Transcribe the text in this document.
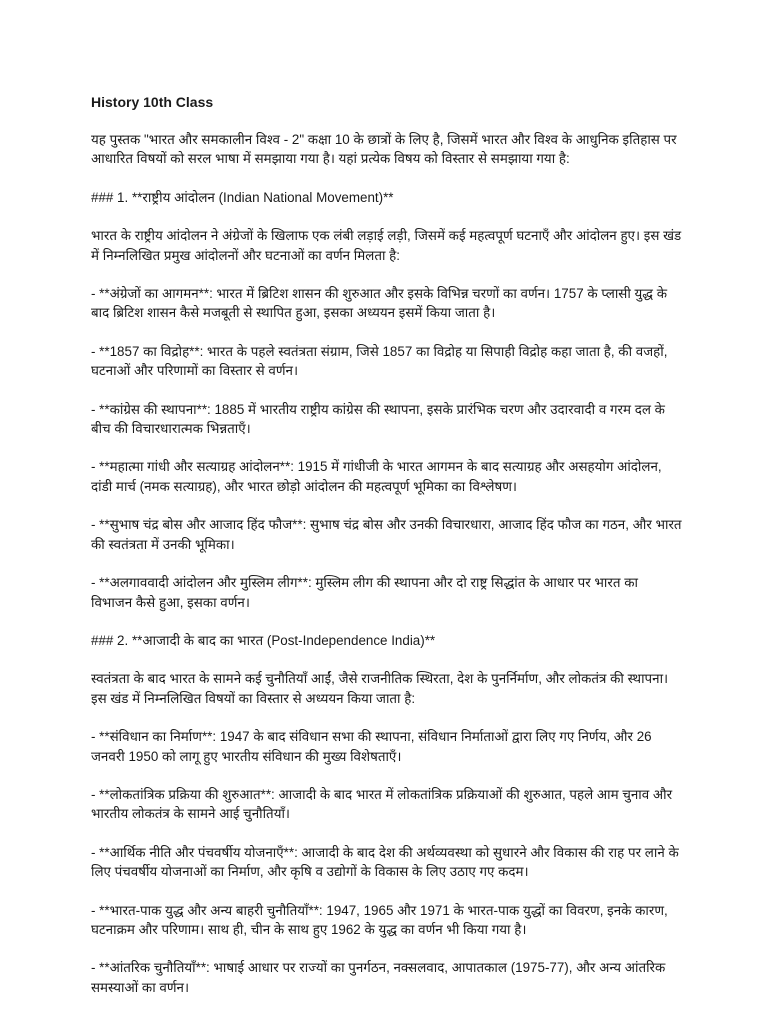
History 10th Class
यह पुस्तक "भारत और समकालीन विश्व - 2" कक्षा 10 के छात्रों के लिए है, जिसमें भारत और विश्व के आधुनिक इतिहास पर आधारित विषयों को सरल भाषा में समझाया गया है। यहां प्रत्येक विषय को विस्तार से समझाया गया है:
### 1. **राष्ट्रीय आंदोलन (Indian National Movement)**
भारत के राष्ट्रीय आंदोलन ने अंग्रेजों के खिलाफ एक लंबी लड़ाई लड़ी, जिसमें कई महत्वपूर्ण घटनाएँ और आंदोलन हुए। इस खंड में निम्नलिखित प्रमुख आंदोलनों और घटनाओं का वर्णन मिलता है:
- **अंग्रेजों का आगमन**: भारत में ब्रिटिश शासन की शुरुआत और इसके विभिन्न चरणों का वर्णन। 1757 के प्लासी युद्ध के बाद ब्रिटिश शासन कैसे मजबूती से स्थापित हुआ, इसका अध्ययन इसमें किया जाता है।
- **1857 का विद्रोह**: भारत के पहले स्वतंत्रता संग्राम, जिसे 1857 का विद्रोह या सिपाही विद्रोह कहा जाता है, की वजहों, घटनाओं और परिणामों का विस्तार से वर्णन।
- **कांग्रेस की स्थापना**: 1885 में भारतीय राष्ट्रीय कांग्रेस की स्थापना, इसके प्रारंभिक चरण और उदारवादी व गरम दल के बीच की विचारधारात्मक भिन्नताएँ।
- **महात्मा गांधी और सत्याग्रह आंदोलन**: 1915 में गांधीजी के भारत आगमन के बाद सत्याग्रह और असहयोग आंदोलन, दांडी मार्च (नमक सत्याग्रह), और भारत छोड़ो आंदोलन की महत्वपूर्ण भूमिका का विश्लेषण।
- **सुभाष चंद्र बोस और आजाद हिंद फौज**: सुभाष चंद्र बोस और उनकी विचारधारा, आजाद हिंद फौज का गठन, और भारत की स्वतंत्रता में उनकी भूमिका।
- **अलगाववादी आंदोलन और मुस्लिम लीग**: मुस्लिम लीग की स्थापना और दो राष्ट्र सिद्धांत के आधार पर भारत का विभाजन कैसे हुआ, इसका वर्णन।
### 2. **आजादी के बाद का भारत (Post-Independence India)**
स्वतंत्रता के बाद भारत के सामने कई चुनौतियाँ आईं, जैसे राजनीतिक स्थिरता, देश के पुनर्निर्माण, और लोकतंत्र की स्थापना। इस खंड में निम्नलिखित विषयों का विस्तार से अध्ययन किया जाता है:
- **संविधान का निर्माण**: 1947 के बाद संविधान सभा की स्थापना, संविधान निर्माताओं द्वारा लिए गए निर्णय, और 26 जनवरी 1950 को लागू हुए भारतीय संविधान की मुख्य विशेषताएँ।
- **लोकतांत्रिक प्रक्रिया की शुरुआत**: आजादी के बाद भारत में लोकतांत्रिक प्रक्रियाओं की शुरुआत, पहले आम चुनाव और भारतीय लोकतंत्र के सामने आई चुनौतियाँ।
- **आर्थिक नीति और पंचवर्षीय योजनाएँ**: आजादी के बाद देश की अर्थव्यवस्था को सुधारने और विकास की राह पर लाने के लिए पंचवर्षीय योजनाओं का निर्माण, और कृषि व उद्योगों के विकास के लिए उठाए गए कदम।
- **भारत-पाक युद्ध और अन्य बाहरी चुनौतियाँ**: 1947, 1965 और 1971 के भारत-पाक युद्धों का विवरण, इनके कारण, घटनाक्रम और परिणाम। साथ ही, चीन के साथ हुए 1962 के युद्ध का वर्णन भी किया गया है।
- **आंतरिक चुनौतियाँ**: भाषाई आधार पर राज्यों का पुनर्गठन, नक्सलवाद, आपातकाल (1975-77), और अन्य आंतरिक समस्याओं का वर्णन।
